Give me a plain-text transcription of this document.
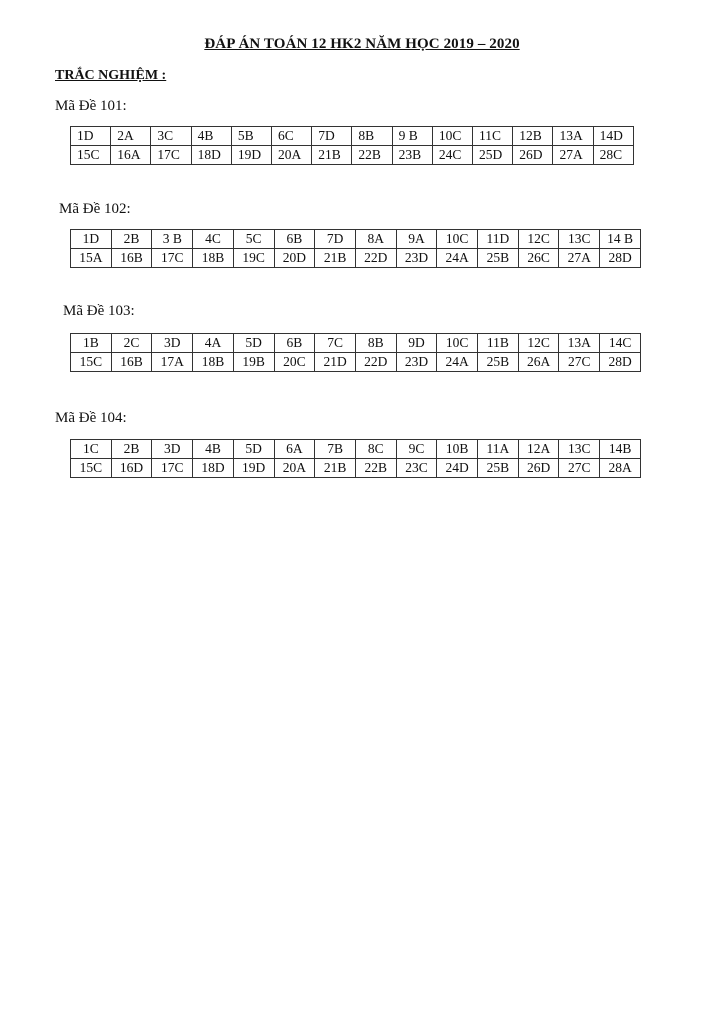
ĐÁP ÁN TOÁN 12 HK2 NĂM HỌC 2019 – 2020
TRẮC NGHIỆM :
Mã Đề 101:
1D	2A	3C	4B	5B	6C	7D	8B	9 B	10C	11C	12B	13A	14D
15C	16A	17C	18D	19D	20A	21B	22B	23B	24C	25D	26D	27A	28C
Mã Đề 102:
1D	2B	3 B	4C	5C	6B	7D	8A	9A	10C	11D	12C	13C	14 B
15A	16B	17C	18B	19C	20D	21B	22D	23D	24A	25B	26C	27A	28D
Mã Đề 103:
1B	2C	3D	4A	5D	6B	7C	8B	9D	10C	11B	12C	13A	14C
15C	16B	17A	18B	19B	20C	21D	22D	23D	24A	25B	26A	27C	28D
Mã Đề 104:
1C	2B	3D	4B	5D	6A	7B	8C	9C	10B	11A	12A	13C	14B
15C	16D	17C	18D	19D	20A	21B	22B	23C	24D	25B	26D	27C	28A
